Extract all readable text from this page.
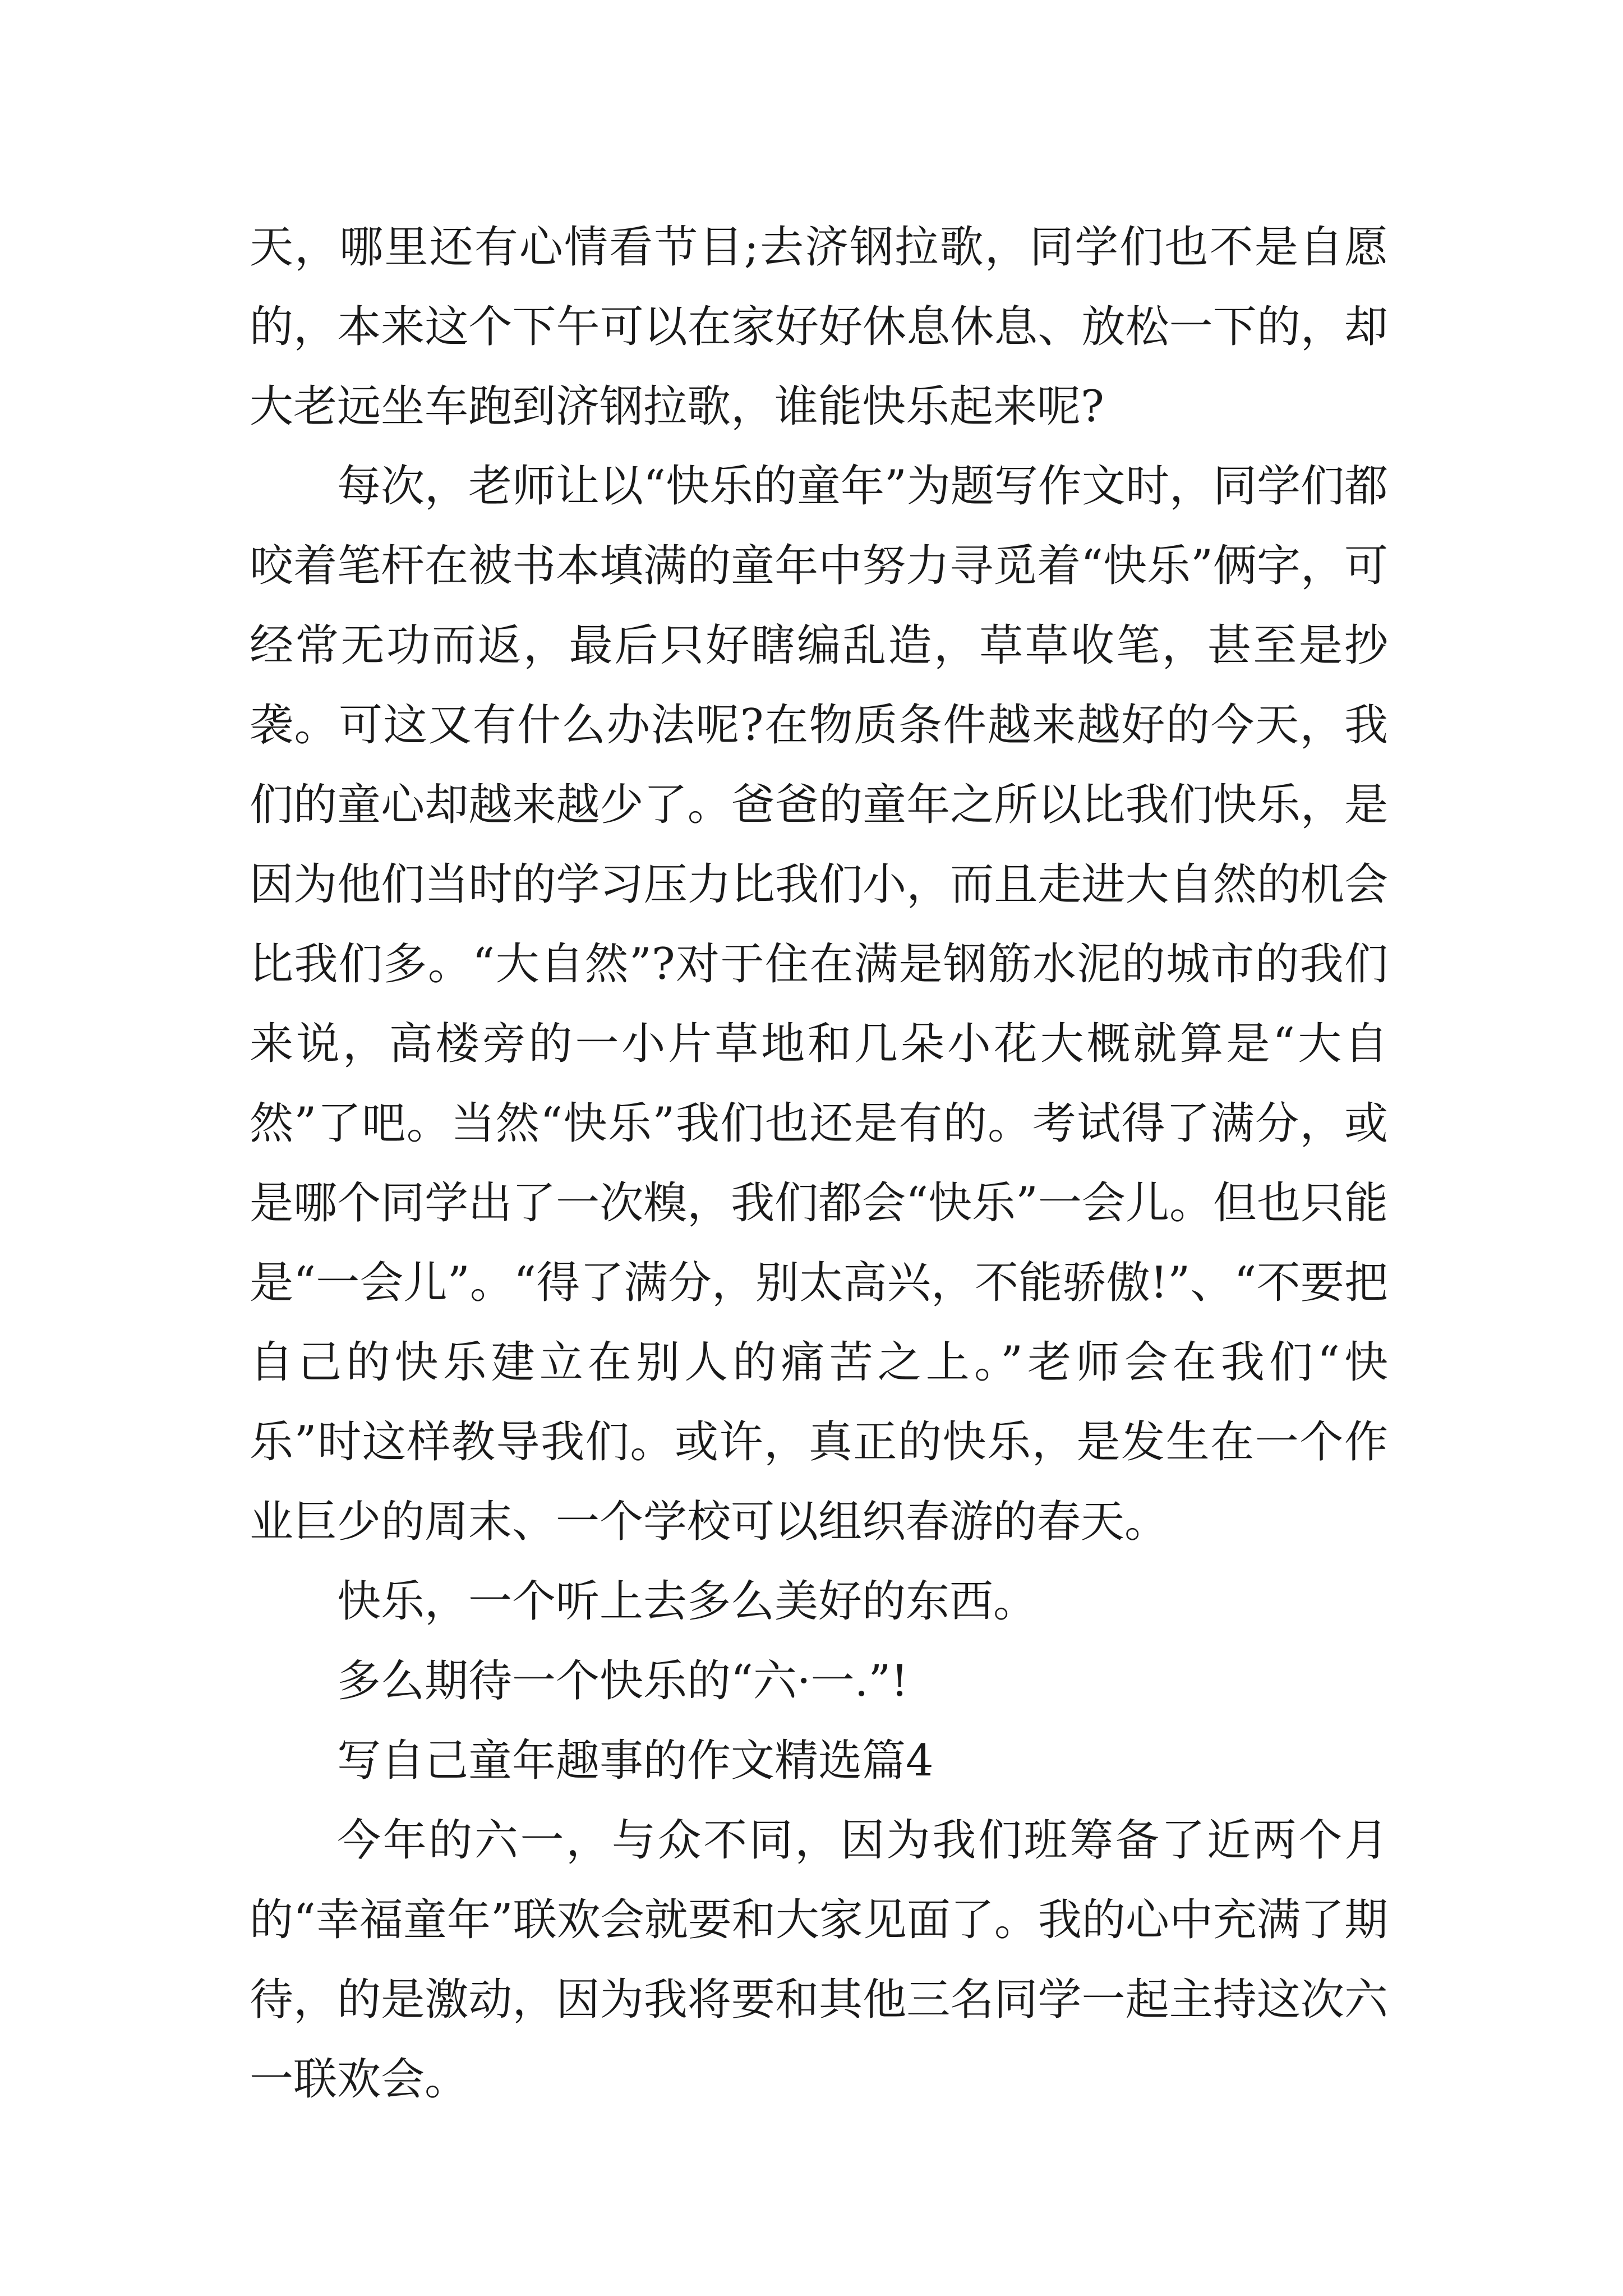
天，哪里还有心情看节目;去济钢拉歌，同学们也不是自愿的，本来这个下午可以在家好好休息休息、放松一下的，却大老远坐车跑到济钢拉歌，谁能快乐起来呢?

每次，老师让以“快乐的童年”为题写作文时，同学们都咬着笔杆在被书本填满的童年中努力寻觅着“快乐”俩字，可经常无功而返，最后只好瞎编乱造，草草收笔，甚至是抄袭。可这又有什么办法呢?在物质条件越来越好的今天，我们的童心却越来越少了。爸爸的童年之所以比我们快乐，是因为他们当时的学习压力比我们小，而且走进大自然的机会比我们多。“大自然”?对于住在满是钢筋水泥的城市的我们来说，高楼旁的一小片草地和几朵小花大概就算是“大自然”了吧。当然“快乐”我们也还是有的。考试得了满分，或是哪个同学出了一次糗，我们都会“快乐”一会儿。但也只能是“一会儿”。“得了满分，别太高兴，不能骄傲!”、“不要把自己的快乐建立在别人的痛苦之上。”老师会在我们“快乐”时这样教导我们。或许，真正的快乐，是发生在一个作业巨少的周末、一个学校可以组织春游的春天。

快乐，一个听上去多么美好的东西。

多么期待一个快乐的“六·一.”!

写自己童年趣事的作文精选篇4

今年的六一，与众不同，因为我们班筹备了近两个月的“幸福童年”联欢会就要和大家见面了。我的心中充满了期待，的是激动，因为我将要和其他三名同学一起主持这次六一联欢会。
